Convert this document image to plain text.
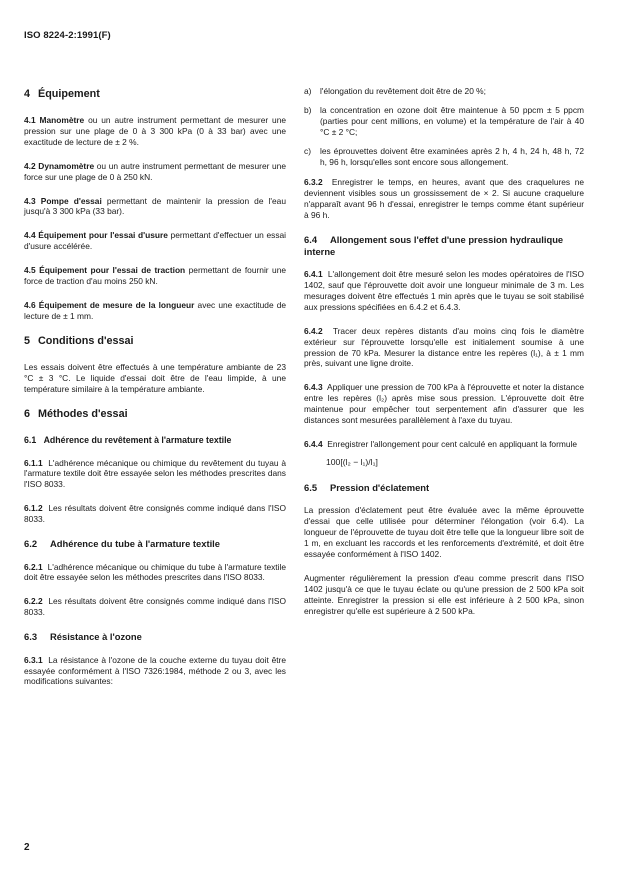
ISO 8224-2:1991(F)
4 Équipement
4.1 Manomètre ou un autre instrument permettant de mesurer une pression sur une plage de 0 à 3 300 kPa (0 à 33 bar) avec une exactitude de lecture de ± 2 %.
4.2 Dynamomètre ou un autre instrument permettant de mesurer une force sur une plage de 0 à 250 kN.
4.3 Pompe d'essai permettant de maintenir la pression de l'eau jusqu'à 3 300 kPa (33 bar).
4.4 Équipement pour l'essai d'usure permettant d'effectuer un essai d'usure accélérée.
4.5 Équipement pour l'essai de traction permettant de fournir une force de traction d'au moins 250 kN.
4.6 Équipement de mesure de la longueur avec une exactitude de lecture de ± 1 mm.
5 Conditions d'essai
Les essais doivent être effectués à une température ambiante de 23 °C ± 3 °C. Le liquide d'essai doit être de l'eau limpide, à une température similaire à la température ambiante.
6 Méthodes d'essai
6.1 Adhérence du revêtement à l'armature textile
6.1.1 L'adhérence mécanique ou chimique du revêtement du tuyau à l'armature textile doit être essayée selon les méthodes prescrites dans l'ISO 8033.
6.1.2 Les résultats doivent être consignés comme indiqué dans l'ISO 8033.
6.2 Adhérence du tube à l'armature textile
6.2.1 L'adhérence mécanique ou chimique du tube à l'armature textile doit être essayée selon les méthodes prescrites dans l'ISO 8033.
6.2.2 Les résultats doivent être consignés comme indiqué dans l'ISO 8033.
6.3 Résistance à l'ozone
6.3.1 La résistance à l'ozone de la couche externe du tuyau doit être essayée conformément à l'ISO 7326:1984, méthode 2 ou 3, avec les modifications suivantes:
a)	l'élongation du revêtement doit être de 20 %;
b)	la concentration en ozone doit être maintenue à 50 ppcm ± 5 ppcm (parties pour cent millions, en volume) et la température de l'air à 40 °C ± 2 °C;
c)	les éprouvettes doivent être examinées après 2 h, 4 h, 24 h, 48 h, 72 h, 96 h, lorsqu'elles sont encore sous allongement.
6.3.2 Enregistrer le temps, en heures, avant que des craquelures ne deviennent visibles sous un grossissement de × 2. Si aucune craquelure n'apparaît avant 96 h d'essai, enregistrer le temps comme étant supérieur à 96 h.
6.4 Allongement sous l'effet d'une pression hydraulique interne
6.4.1 L'allongement doit être mesuré selon les modes opératoires de l'ISO 1402, sauf que l'éprouvette doit avoir une longueur minimale de 3 m. Les mesurages doivent être effectués 1 min après que le tuyau se soit stabilisé aux pressions spécifiées en 6.4.2 et 6.4.3.
6.4.2 Tracer deux repères distants d'au moins cinq fois le diamètre extérieur sur l'éprouvette lorsqu'elle est initialement soumise à une pression de 70 kPa. Mesurer la distance entre les repères (l₁), à ± 1 mm près, suivant une ligne droite.
6.4.3 Appliquer une pression de 700 kPa à l'éprouvette et noter la distance entre les repères (l₂) après mise sous pression. L'éprouvette doit être maintenue pour empêcher tout serpentement afin d'assurer que les distances sont mesurées parallèlement à l'axe du tuyau.
6.4.4 Enregistrer l'allongement pour cent calculé en appliquant la formule
100[(l₂ − l₁)/l₁]
6.5 Pression d'éclatement
La pression d'éclatement peut être évaluée avec la même éprouvette d'essai que celle utilisée pour déterminer l'élongation (voir 6.4). La longueur de l'éprouvette de tuyau doit être telle que la longueur libre soit de 1 m, en excluant les raccords et les renforcements d'extrémité, et doit être essayée conformément à l'ISO 1402.
Augmenter régulièrement la pression d'eau comme prescrit dans l'ISO 1402 jusqu'à ce que le tuyau éclate ou qu'une pression de 2 500 kPa soit atteinte. Enregistrer la pression si elle est inférieure à 2 500 kPa, sinon enregistrer qu'elle est supérieure à 2 500 kPa.
2
